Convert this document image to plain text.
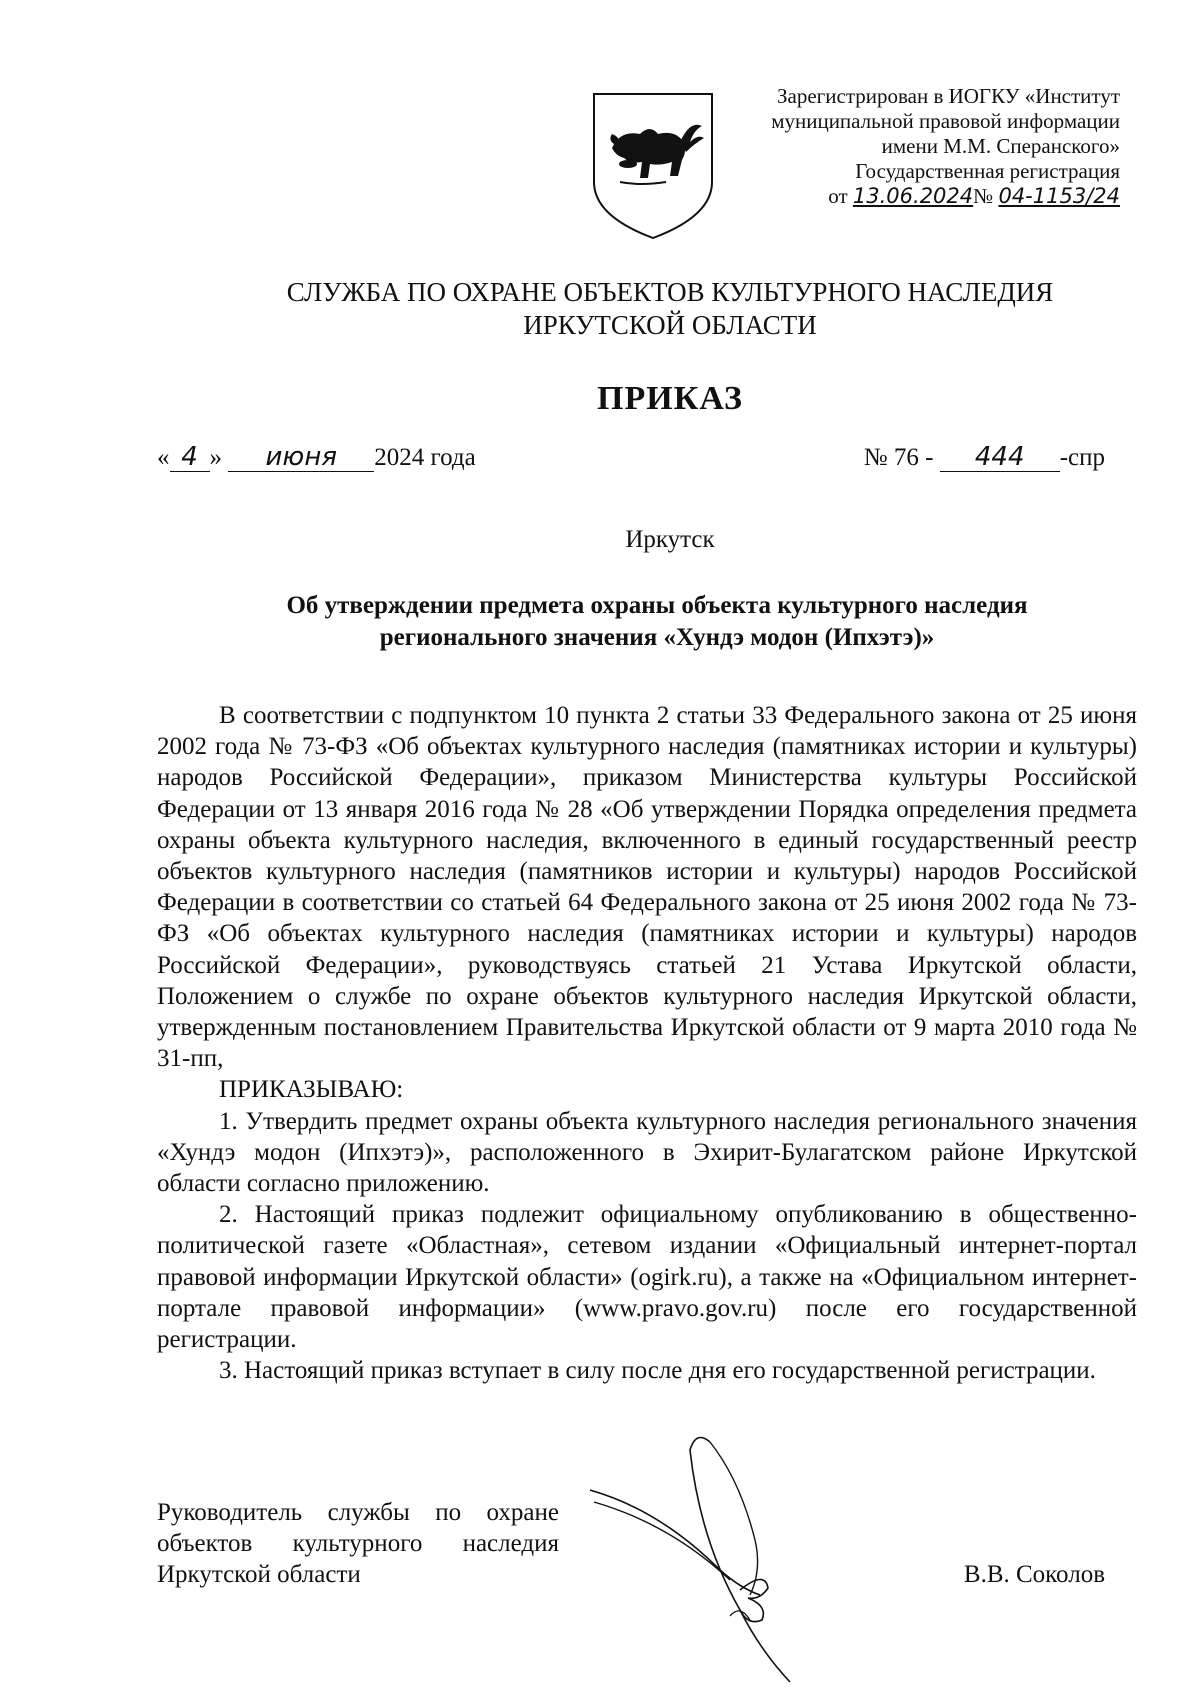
Зарегистрирован в ИОГКУ «Институт
муниципальной правовой информации
имени М.М. Сперанского»
Государственная регистрация
от 13.06.2024№ 04-1153/24
СЛУЖБА ПО ОХРАНЕ ОБЪЕКТОВ КУЛЬТУРНОГО НАСЛЕДИЯ
ИРКУТСКОЙ ОБЛАСТИ
ПРИКАЗ
« 4 » июня 2024 года	№ 76 - 444 -спр
Иркутск
Об утверждении предмета охраны объекта культурного наследия
регионального значения «Хундэ модон (Ипхэтэ)»

В соответствии с подпунктом 10 пункта 2 статьи 33 Федерального закона от 25 июня 2002 года № 73-ФЗ «Об объектах культурного наследия (памятниках истории и культуры) народов Российской Федерации», приказом Министерства культуры Российской Федерации от 13 января 2016 года № 28 «Об утверждении Порядка определения предмета охраны объекта культурного наследия, включенного в единый государственный реестр объектов культурного наследия (памятников истории и культуры) народов Российской Федерации в соответствии со статьей 64 Федерального закона от 25 июня 2002 года № 73-ФЗ «Об объектах культурного наследия (памятниках истории и культуры) народов Российской Федерации», руководствуясь статьей 21 Устава Иркутской области, Положением о службе по охране объектов культурного наследия Иркутской области, утвержденным постановлением Правительства Иркутской области от 9 марта 2010 года № 31-пп,

ПРИКАЗЫВАЮ:

1. Утвердить предмет охраны объекта культурного наследия регионального значения «Хундэ модон (Ипхэтэ)», расположенного в Эхирит-Булагатском районе Иркутской области согласно приложению.

2. Настоящий приказ подлежит официальному опубликованию в общественно-политической газете «Областная», сетевом издании «Официальный интернет-портал правовой информации Иркутской области» (ogirk.ru), а также на «Официальном интернет-портале правовой информации» (www.pravo.gov.ru) после его государственной регистрации.

3. Настоящий приказ вступает в силу после дня его государственной регистрации.

Руководитель службы по охране объектов культурного наследия Иркутской области	В.В. Соколов
